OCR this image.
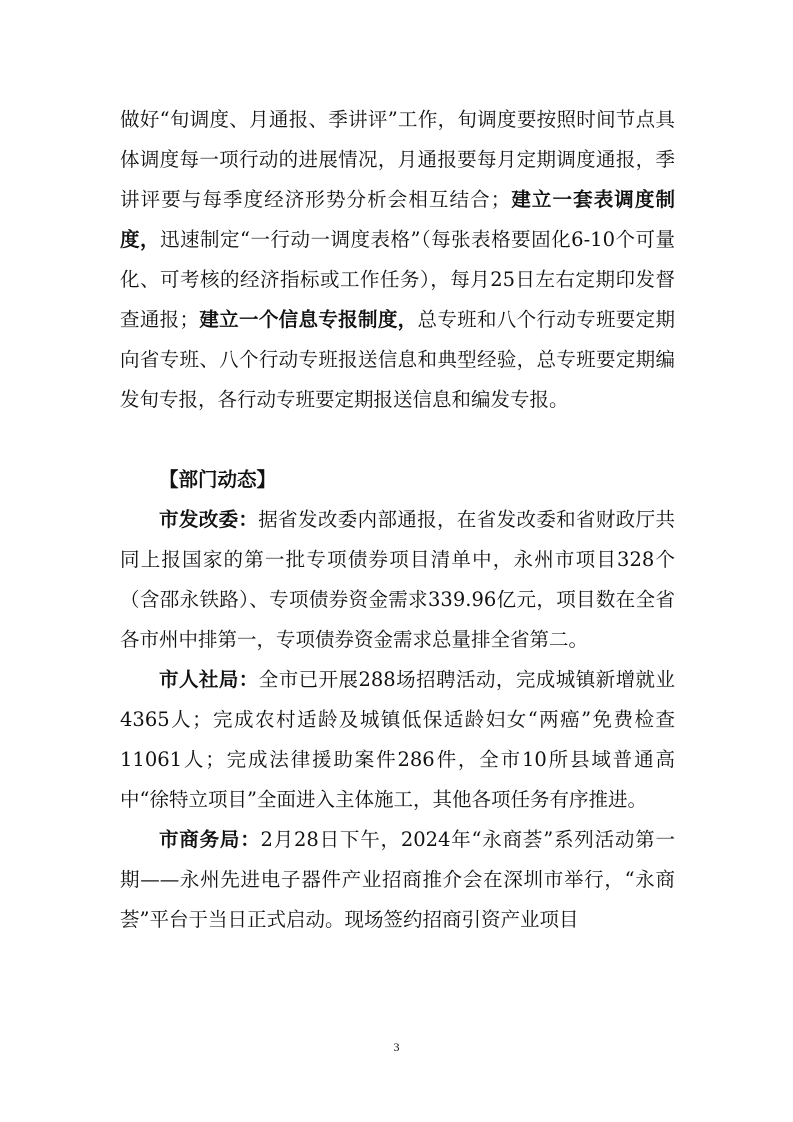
做好“旬调度、月通报、季讲评”工作，旬调度要按照时间节点具体调度每一项行动的进展情况，月通报要每月定期调度通报，季讲评要与每季度经济形势分析会相互结合；建立一套表调度制度，迅速制定“一行动一调度表格”（每张表格要固化6-10个可量化、可考核的经济指标或工作任务），每月25日左右定期印发督查通报；建立一个信息专报制度，总专班和八个行动专班要定期向省专班、八个行动专班报送信息和典型经验，总专班要定期编发旬专报，各行动专班要定期报送信息和编发专报。

【部门动态】

市发改委：据省发改委内部通报，在省发改委和省财政厅共同上报国家的第一批专项债券项目清单中，永州市项目328个（含邵永铁路）、专项债券资金需求339.96亿元，项目数在全省各市州中排第一，专项债券资金需求总量排全省第二。

市人社局：全市已开展288场招聘活动，完成城镇新增就业4365人；完成农村适龄及城镇低保适龄妇女“两癌”免费检查11061人；完成法律援助案件286件，全市10所县域普通高中“徐特立项目”全面进入主体施工，其他各项任务有序推进。

市商务局：2月28日下午，2024年“永商荟”系列活动第一期——永州先进电子器件产业招商推介会在深圳市举行，“永商荟”平台于当日正式启动。现场签约招商引资产业项目

3
